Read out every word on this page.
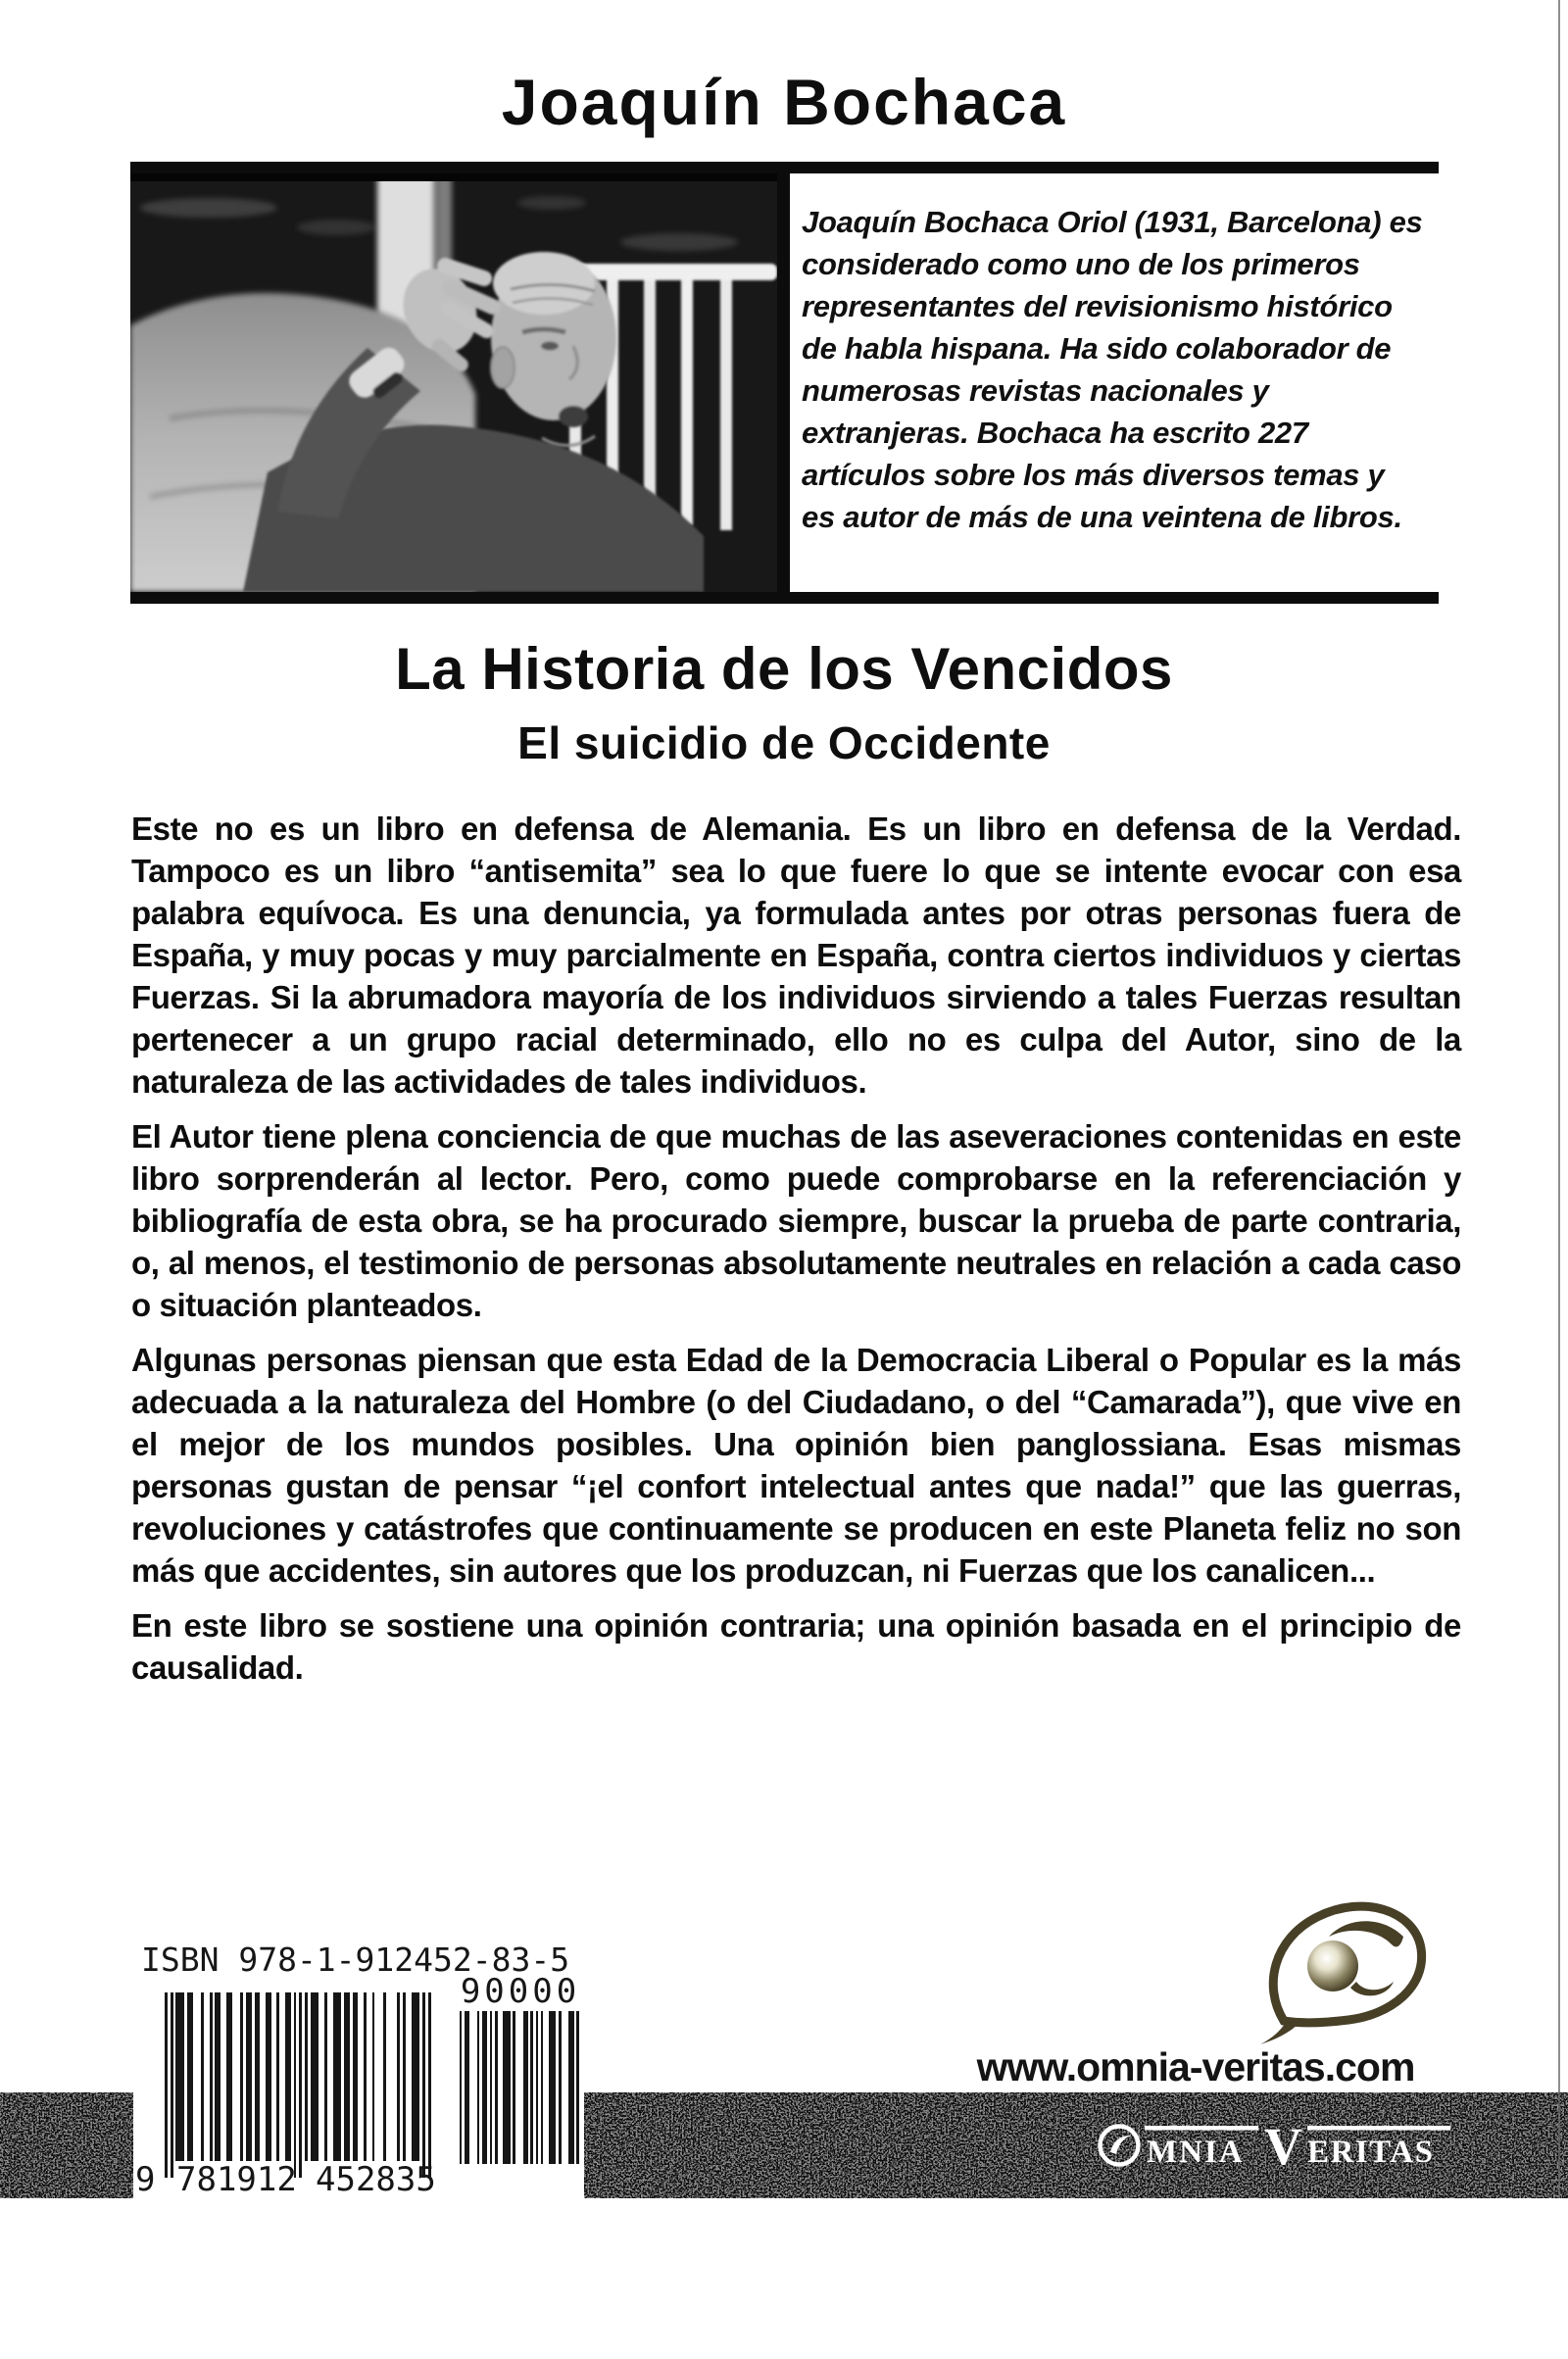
Joaquín Bochaca
Joaquín Bochaca Oriol (1931, Barcelona) es considerado como uno de los primeros representantes del revisionismo histórico de habla hispana. Ha sido colaborador de numerosas revistas nacionales y extranjeras. Bochaca ha escrito 227 artículos sobre los más diversos temas y es autor de más de una veintena de libros.
La Historia de los Vencidos
El suicidio de Occidente

Este no es un libro en defensa de Alemania. Es un libro en defensa de la Verdad. Tampoco es un libro “antisemita” sea lo que fuere lo que se intente evocar con esa palabra equívoca. Es una denuncia, ya formulada antes por otras personas fuera de España, y muy pocas y muy parcialmente en España, contra ciertos individuos y ciertas Fuerzas. Si la abrumadora mayoría de los individuos sirviendo a tales Fuerzas resultan pertenecer a un grupo racial determinado, ello no es culpa del Autor, sino de la naturaleza de las actividades de tales individuos.

El Autor tiene plena conciencia de que muchas de las aseveraciones contenidas en este libro sorprenderán al lector. Pero, como puede comprobarse en la referenciación y bibliografía de esta obra, se ha procurado siempre, buscar la prueba de parte contraria, o, al menos, el testimonio de personas absolutamente neutrales en relación a cada caso o situación planteados.

Algunas personas piensan que esta Edad de la Democracia Liberal o Popular es la más adecuada a la naturaleza del Hombre (o del Ciudadano, o del “Camarada”), que vive en el mejor de los mundos posibles. Una opinión bien panglossiana. Esas mismas personas gustan de pensar “¡el confort intelectual antes que nada!” que las guerras, revoluciones y catástrofes que continuamente se producen en este Planeta feliz no son más que accidentes, sin autores que los produzcan, ni Fuerzas que los canalicen...

En este libro se sostiene una opinión contraria; una opinión basada en el principio de causalidad.

MNIA V ERITAS
ISBN 978-1-912452-83-5
90000
9 781912 452835
www.omnia-veritas.com
